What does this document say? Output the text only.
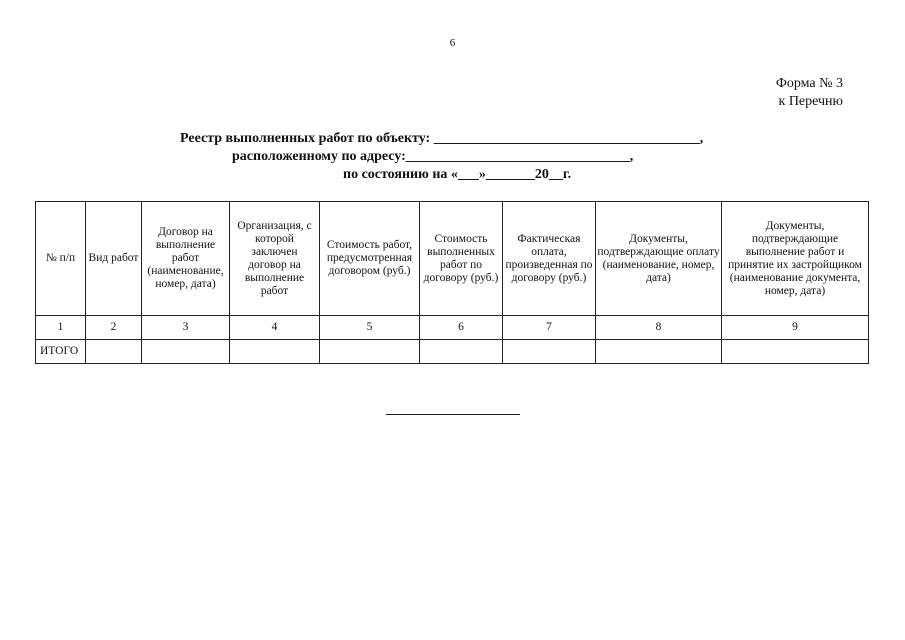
6
Форма № 3
к Перечню
Реестр выполненных работ по объекту: ______________________________________,
расположенному по адресу:________________________________,
по состоянию на «___»_______20__г.
№ п/п	Вид работ	Договор на выполнение работ (наименование, номер, дата)	Организация, с которой заключен договор на выполнение работ	Стоимость работ, предусмотренная договором (руб.)	Стоимость выполненных работ по договору (руб.)	Фактическая оплата, произведенная по договору (руб.)	Документы, подтверждающие оплату (наименование, номер, дата)	Документы, подтверждающие выполнение работ и принятие их застройщиком (наименование документа, номер, дата)
1	2	3	4	5	6	7	8	9
ИТОГО								
